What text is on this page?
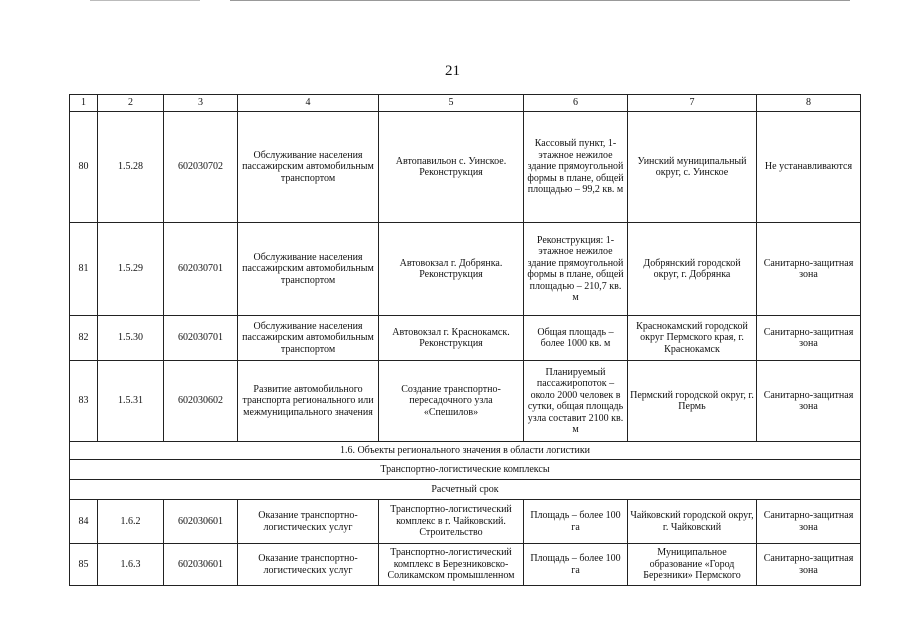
21
1	2	3	4	5	6	7	8
80	1.5.28	602030702	Обслуживание населения пассажирским автомобильным транспортом	Автопавильон с. Уинское. Реконструкция	Кассовый пункт, 1-этажное нежилое здание прямоугольной формы в плане, общей площадью – 99,2 кв. м	Уинский муниципальный округ, с. Уинское	Не устанавливаются
81	1.5.29	602030701	Обслуживание населения пассажирским автомобильным транспортом	Автовокзал г. Добрянка. Реконструкция	Реконструкция: 1-этажное нежилое здание прямоугольной формы в плане, общей площадью – 210,7 кв. м	Добрянский городской округ, г. Добрянка	Санитарно-защитная зона
82	1.5.30	602030701	Обслуживание населения пассажирским автомобильным транспортом	Автовокзал г. Краснокамск. Реконструкция	Общая площадь – более 1000 кв. м	Краснокамский городской округ Пермского края, г. Краснокамск	Санитарно-защитная зона
83	1.5.31	602030602	Развитие автомобильного транспорта регионального или межмуниципального значения	Создание транспортно-пересадочного узла «Спешилов»	Планируемый пассажиропоток – около 2000 человек в сутки, общая площадь узла составит 2100 кв. м	Пермский городской округ, г. Пермь	Санитарно-защитная зона
1.6. Объекты регионального значения в области логистики							
Транспортно-логистические комплексы							
Расчетный срок							
84	1.6.2	602030601	Оказание транспортно-логистических услуг	Транспортно-логистический комплекс в г. Чайковский. Строительство	Площадь – более 100 га	Чайковский городской округ, г. Чайковский	Санитарно-защитная зона
85	1.6.3	602030601	Оказание транспортно-логистических услуг	Транспортно-логистический комплекс в Березниковско-Соликамском промышленном	Площадь – более 100 га	Муниципальное образование «Город Березники» Пермского	Санитарно-защитная зона
